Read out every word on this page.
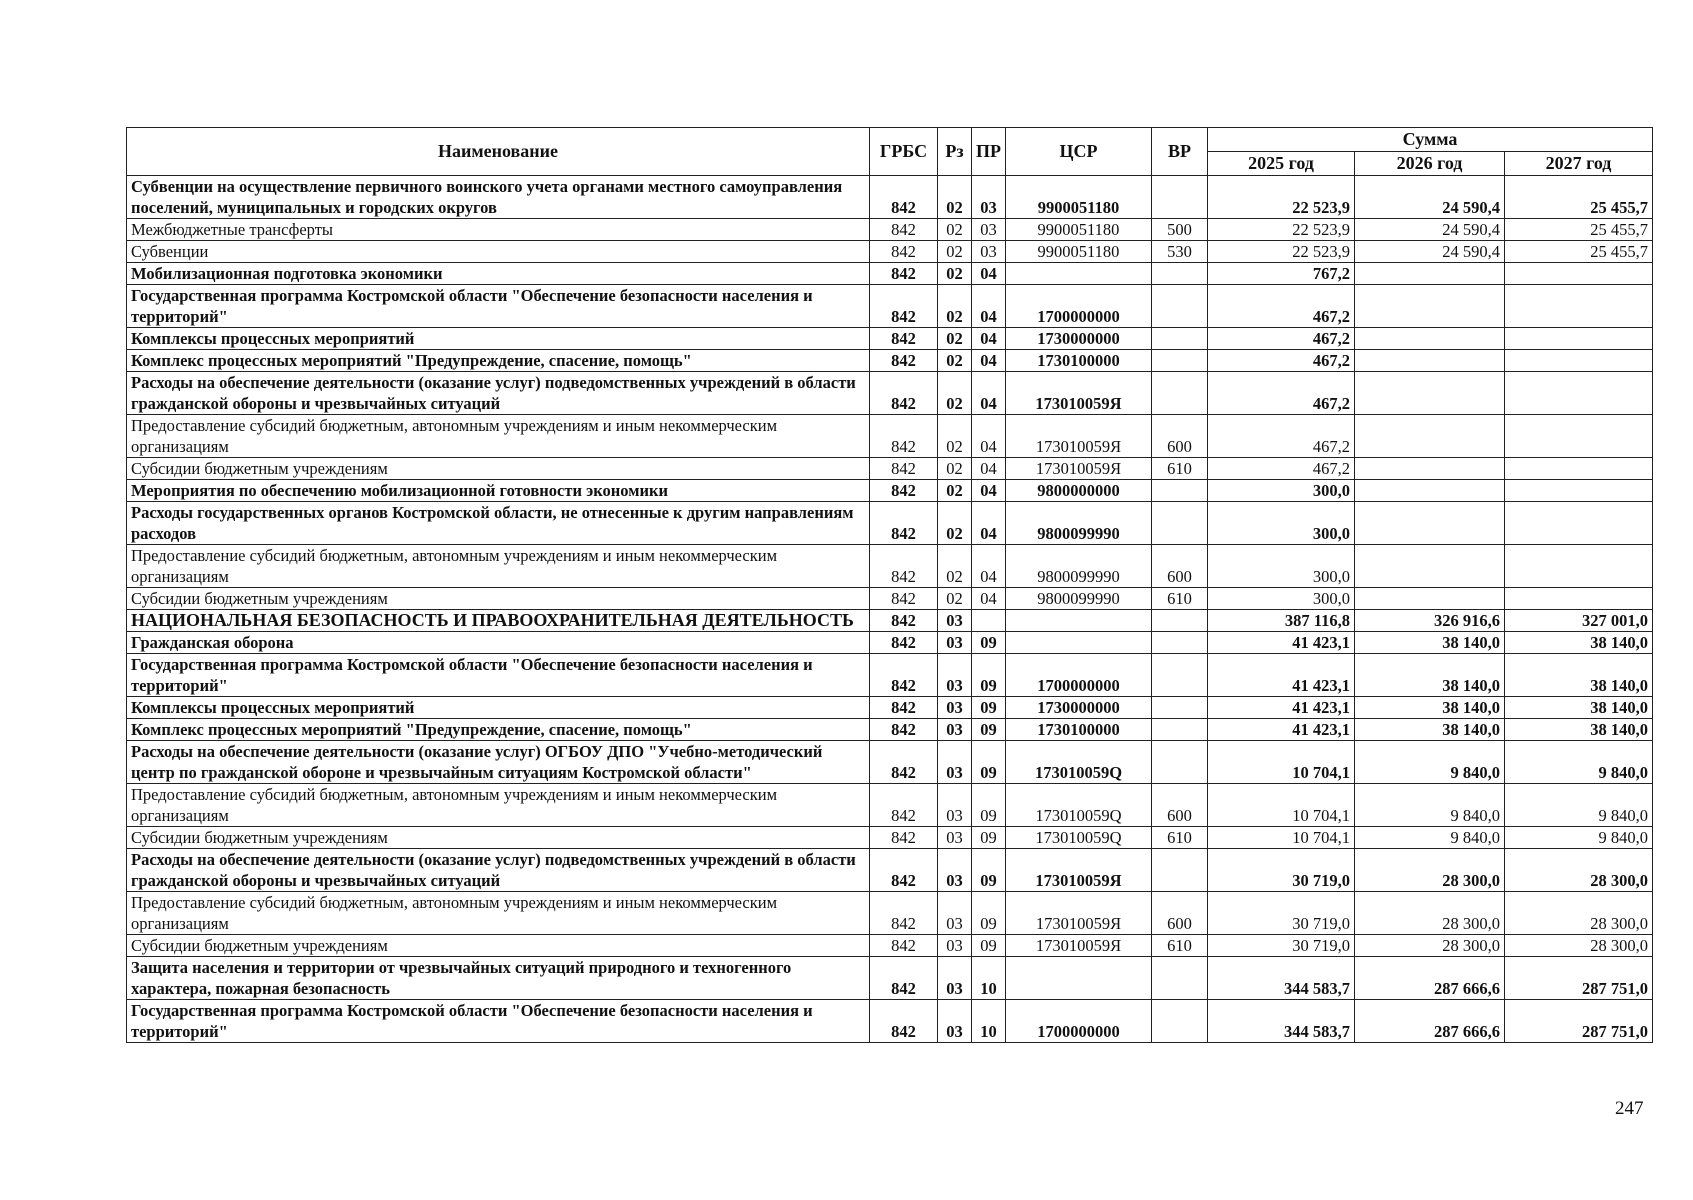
Наименование	ГРБС	Рз	ПР	ЦСР	ВР	Сумма		
						2025 год	2026 год	2027 год
Субвенции на осуществление первичного воинского учета органами местного самоуправления поселений, муниципальных и городских округов	842	02	03	9900051180		22 523,9	24 590,4	25 455,7
Межбюджетные трансферты	842	02	03	9900051180	500	22 523,9	24 590,4	25 455,7
Субвенции	842	02	03	9900051180	530	22 523,9	24 590,4	25 455,7
Мобилизационная подготовка экономики	842	02	04			767,2		
Государственная программа Костромской области "Обеспечение безопасности населения и территорий"	842	02	04	1700000000		467,2		
Комплексы процессных мероприятий	842	02	04	1730000000		467,2		
Комплекс процессных мероприятий "Предупреждение, спасение, помощь"	842	02	04	1730100000		467,2		
Расходы на обеспечение деятельности (оказание услуг) подведомственных учреждений в области гражданской обороны и чрезвычайных ситуаций	842	02	04	173010059Я		467,2		
Предоставление субсидий бюджетным, автономным учреждениям и иным некоммерческим организациям	842	02	04	173010059Я	600	467,2		
Субсидии бюджетным учреждениям	842	02	04	173010059Я	610	467,2		
Мероприятия по обеспечению мобилизационной готовности экономики	842	02	04	9800000000		300,0		
Расходы государственных органов Костромской области, не отнесенные к другим направлениям расходов	842	02	04	9800099990		300,0		
Предоставление субсидий бюджетным, автономным учреждениям и иным некоммерческим организациям	842	02	04	9800099990	600	300,0		
Субсидии бюджетным учреждениям	842	02	04	9800099990	610	300,0		
НАЦИОНАЛЬНАЯ БЕЗОПАСНОСТЬ И ПРАВООХРАНИТЕЛЬНАЯ ДЕЯТЕЛЬНОСТЬ	842	03				387 116,8	326 916,6	327 001,0
Гражданская оборона	842	03	09			41 423,1	38 140,0	38 140,0
Государственная программа Костромской области "Обеспечение безопасности населения и территорий"	842	03	09	1700000000		41 423,1	38 140,0	38 140,0
Комплексы процессных мероприятий	842	03	09	1730000000		41 423,1	38 140,0	38 140,0
Комплекс процессных мероприятий "Предупреждение, спасение, помощь"	842	03	09	1730100000		41 423,1	38 140,0	38 140,0
Расходы на обеспечение деятельности (оказание услуг) ОГБОУ ДПО "Учебно-методический центр по гражданской обороне и чрезвычайным ситуациям Костромской области"	842	03	09	173010059Q		10 704,1	9 840,0	9 840,0
Предоставление субсидий бюджетным, автономным учреждениям и иным некоммерческим организациям	842	03	09	173010059Q	600	10 704,1	9 840,0	9 840,0
Субсидии бюджетным учреждениям	842	03	09	173010059Q	610	10 704,1	9 840,0	9 840,0
Расходы на обеспечение деятельности (оказание услуг) подведомственных учреждений в области гражданской обороны и чрезвычайных ситуаций	842	03	09	173010059Я		30 719,0	28 300,0	28 300,0
Предоставление субсидий бюджетным, автономным учреждениям и иным некоммерческим организациям	842	03	09	173010059Я	600	30 719,0	28 300,0	28 300,0
Субсидии бюджетным учреждениям	842	03	09	173010059Я	610	30 719,0	28 300,0	28 300,0
Защита населения и территории от чрезвычайных ситуаций природного и техногенного характера, пожарная безопасность	842	03	10			344 583,7	287 666,6	287 751,0
Государственная программа Костромской области "Обеспечение безопасности населения и территорий"	842	03	10	1700000000		344 583,7	287 666,6	287 751,0
247
